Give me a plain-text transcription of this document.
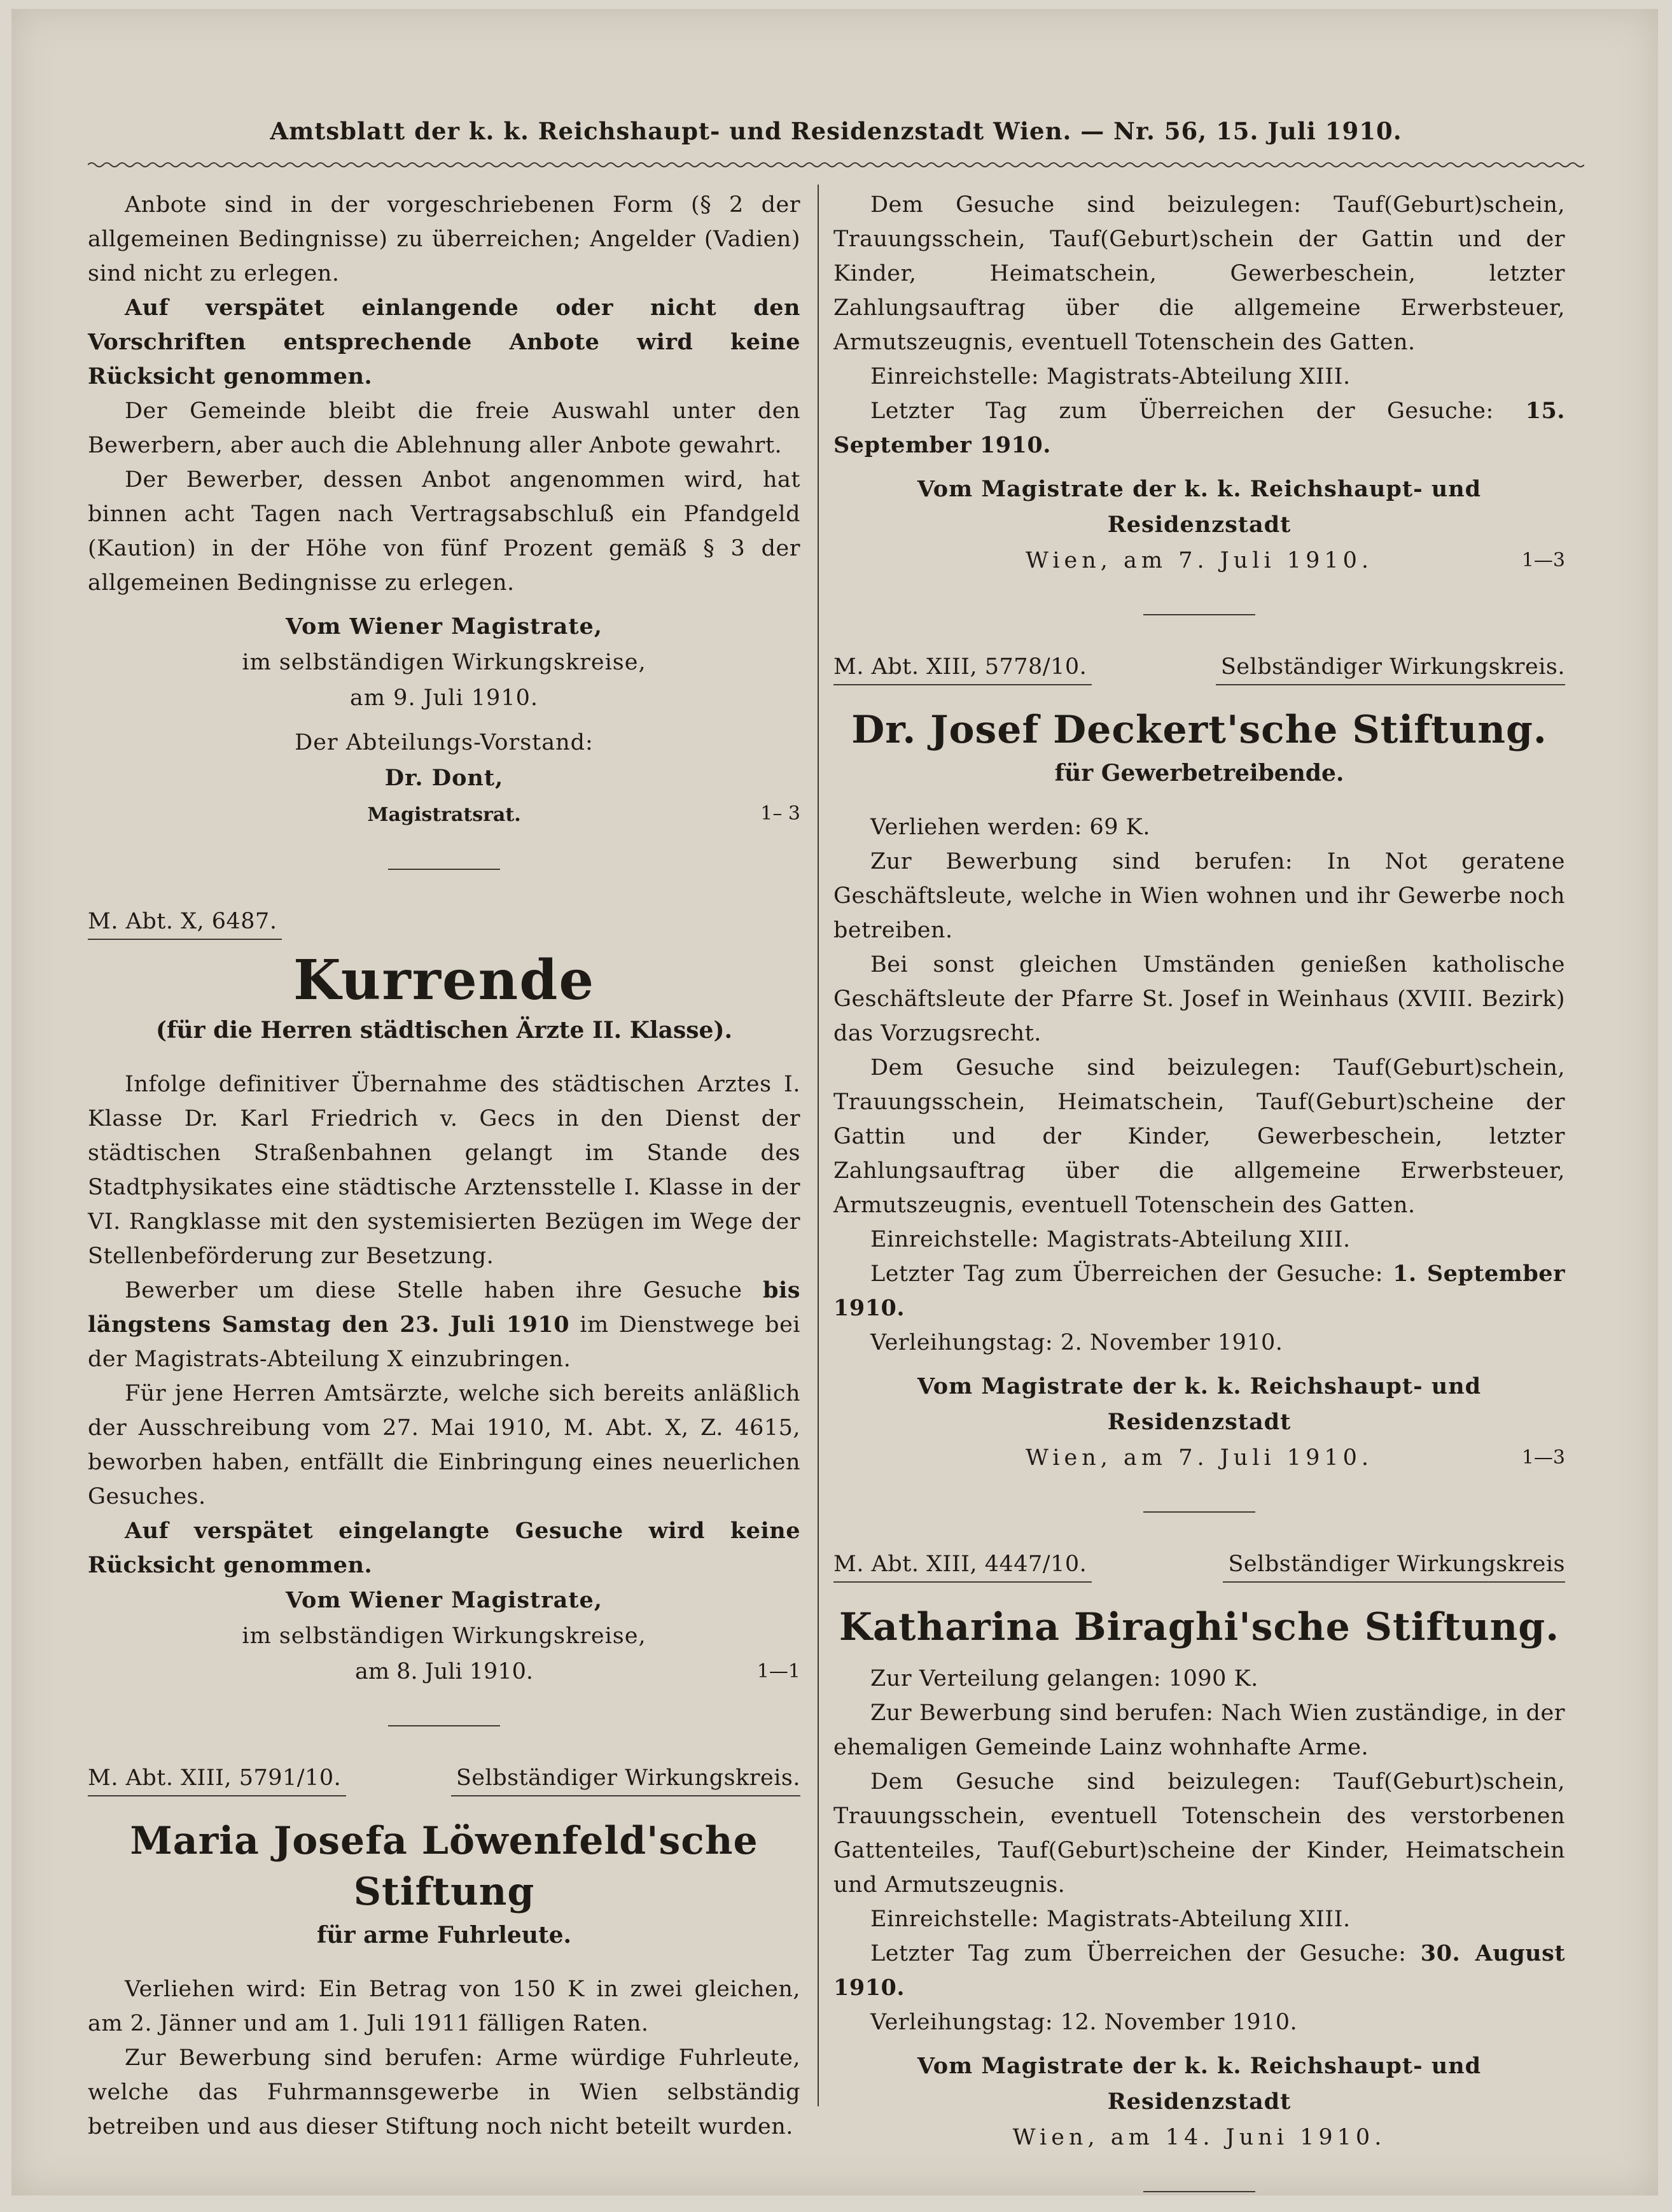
Amtsblatt der k. k. Reichshaupt- und Residenzstadt Wien. — Nr. 56, 15. Juli 1910.

Anbote sind in der vorgeschriebenen Form (§ 2 der allgemeinen Bedingnisse) zu überreichen; Angelder (Vadien) sind nicht zu erlegen.

Auf verspätet einlangende oder nicht den Vorschriften entsprechende Anbote wird keine Rücksicht genommen.

Der Gemeinde bleibt die freie Auswahl unter den Bewerbern, aber auch die Ablehnung aller Anbote gewahrt.

Der Bewerber, dessen Anbot angenommen wird, hat binnen acht Tagen nach Vertragsabschluß ein Pfandgeld (Kaution) in der Höhe von fünf Prozent gemäß § 3 der allgemeinen Bedingnisse zu erlegen.

Vom Wiener Magistrate,

im selbständigen Wirkungskreise,

am 9. Juli 1910.

Der Abteilungs-Vorstand:

Dr. Dont,

Magistratsrat.	1– 3
M. Abt. X, 6487.

Kurrende

(für die Herren städtischen Ärzte II. Klasse).

Infolge definitiver Übernahme des städtischen Arztes I. Klasse Dr. Karl Friedrich v. Gecs in den Dienst der städtischen Straßenbahnen gelangt im Stande des Stadtphysikates eine städtische Arztensstelle I. Klasse in der VI. Rangklasse mit den systemisierten Bezügen im Wege der Stellenbeförderung zur Besetzung.

Bewerber um diese Stelle haben ihre Gesuche bis längstens Samstag den 23. Juli 1910 im Dienstwege bei der Magistrats-Abteilung X einzubringen.

Für jene Herren Amtsärzte, welche sich bereits anläßlich der Ausschreibung vom 27. Mai 1910, M. Abt. X, Z. 4615, beworben haben, entfällt die Einbringung eines neuerlichen Gesuches.

Auf verspätet eingelangte Gesuche wird keine Rücksicht genommen.

Vom Wiener Magistrate,

im selbständigen Wirkungskreise,

am 8. Juli 1910.	1—1
M. Abt. XIII, 5791/10.	Selbständiger Wirkungskreis.

Maria Josefa Löwenfeld'sche Stiftung

für arme Fuhrleute.

Verliehen wird: Ein Betrag von 150 K in zwei gleichen, am 2. Jänner und am 1. Juli 1911 fälligen Raten.

Zur Bewerbung sind berufen: Arme würdige Fuhrleute, welche das Fuhrmannsgewerbe in Wien selbständig betreiben und aus dieser Stiftung noch nicht beteilt wurden.

Dem Gesuche sind beizulegen: Tauf(Geburt)schein, Trauungsschein, Tauf(Geburt)schein der Gattin und der Kinder, Heimatschein, Gewerbeschein, letzter Zahlungsauftrag über die allgemeine Erwerbsteuer, Armutszeugnis, eventuell Totenschein des Gatten.

Einreichstelle: Magistrats-Abteilung XIII.

Letzter Tag zum Überreichen der Gesuche: 15. September 1910.

Vom Magistrate der k. k. Reichshaupt- und Residenzstadt

Wien, am 7. Juli 1910.	1—3
M. Abt. XIII, 5778/10.	Selbständiger Wirkungskreis.

Dr. Josef Deckert'sche Stiftung.

für Gewerbetreibende.

Verliehen werden: 69 K.

Zur Bewerbung sind berufen: In Not geratene Geschäftsleute, welche in Wien wohnen und ihr Gewerbe noch betreiben.

Bei sonst gleichen Umständen genießen katholische Geschäftsleute der Pfarre St. Josef in Weinhaus (XVIII. Bezirk) das Vorzugsrecht.

Dem Gesuche sind beizulegen: Tauf(Geburt)schein, Trauungsschein, Heimatschein, Tauf(Geburt)scheine der Gattin und der Kinder, Gewerbeschein, letzter Zahlungsauftrag über die allgemeine Erwerbsteuer, Armutszeugnis, eventuell Totenschein des Gatten.

Einreichstelle: Magistrats-Abteilung XIII.

Letzter Tag zum Überreichen der Gesuche: 1. September 1910.

Verleihungstag: 2. November 1910.

Vom Magistrate der k. k. Reichshaupt- und Residenzstadt

Wien, am 7. Juli 1910.	1—3
M. Abt. XIII, 4447/10.	Selbständiger Wirkungskreis

Katharina Biraghi'sche Stiftung.

Zur Verteilung gelangen: 1090 K.

Zur Bewerbung sind berufen: Nach Wien zuständige, in der ehemaligen Gemeinde Lainz wohnhafte Arme.

Dem Gesuche sind beizulegen: Tauf(Geburt)schein, Trauungsschein, eventuell Totenschein des verstorbenen Gattenteiles, Tauf(Geburt)scheine der Kinder, Heimatschein und Armutszeugnis.

Einreichstelle: Magistrats-Abteilung XIII.

Letzter Tag zum Überreichen der Gesuche: 30. August 1910.

Verleihungstag: 12. November 1910.

Vom Magistrate der k. k. Reichshaupt- und Residenzstadt

Wien, am 14. Juni 1910.
